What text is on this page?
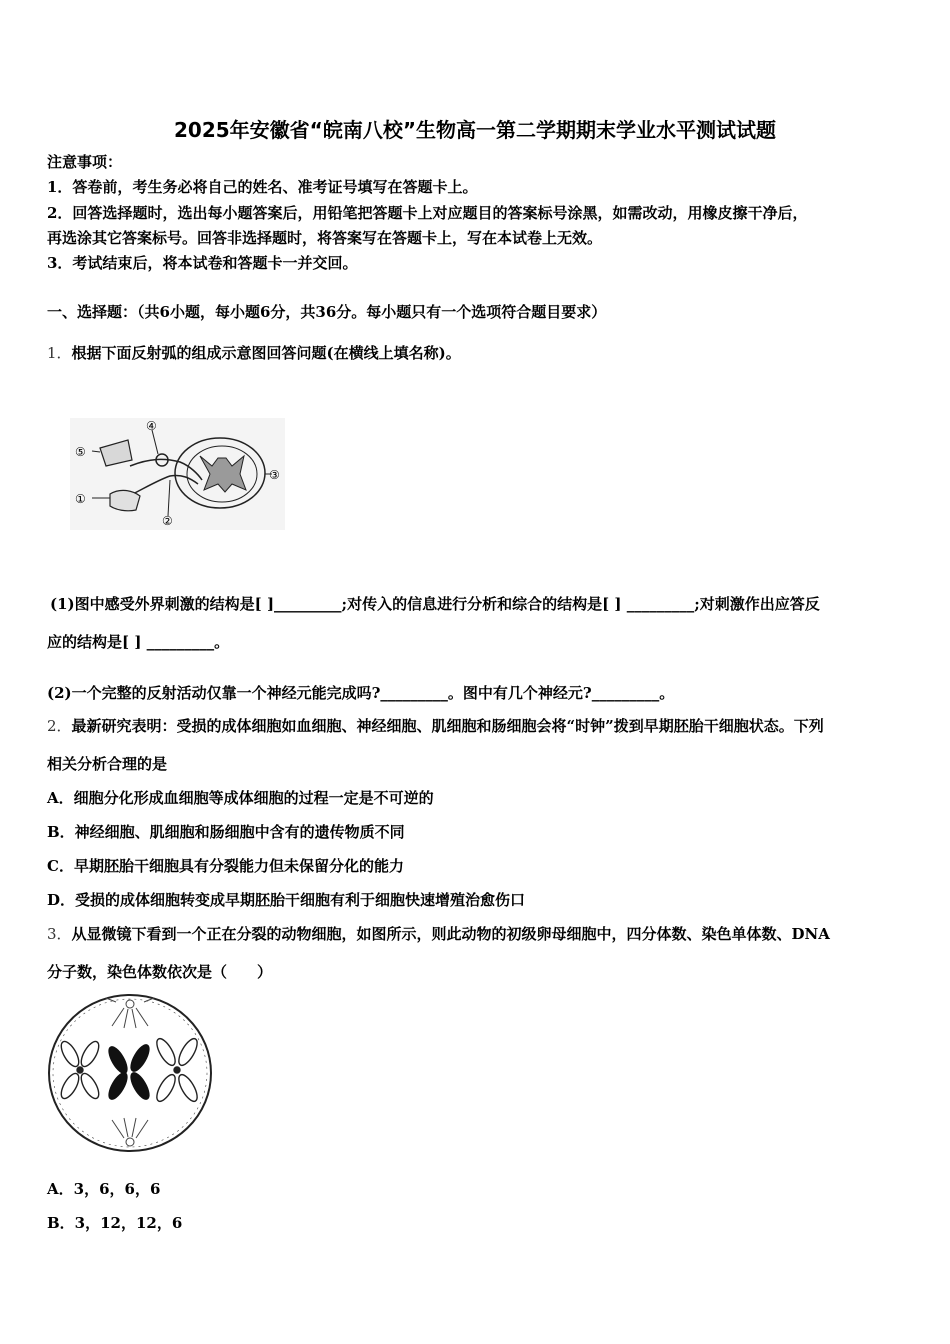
2025年安徽省“皖南八校”生物高一第二学期期末学业水平测试试题
注意事项：
1．答卷前，考生务必将自己的姓名、准考证号填写在答题卡上。
2．回答选择题时，选出每小题答案后，用铅笔把答题卡上对应题目的答案标号涂黑，如需改动，用橡皮擦干净后，
再选涂其它答案标号。回答非选择题时，将答案写在答题卡上，写在本试卷上无效。
3．考试结束后，将本试卷和答题卡一并交回。
一、选择题：（共6小题，每小题6分，共36分。每小题只有一个选项符合题目要求）
1．根据下面反射弧的组成示意图回答问题(在横线上填名称)。
⑤
④
③
①
②
(1)图中感受外界刺激的结构是[ ]_________;对传入的信息进行分析和综合的结构是[ ] _________;对刺激作出应答反
应的结构是[ ] _________。
(2)一个完整的反射活动仅靠一个神经元能完成吗?_________。图中有几个神经元?_________。
2．最新研究表明：受损的成体细胞如血细胞、神经细胞、肌细胞和肠细胞会将“时钟”拨到早期胚胎干细胞状态。下列
相关分析合理的是
A．细胞分化形成血细胞等成体细胞的过程一定是不可逆的
B．神经细胞、肌细胞和肠细胞中含有的遗传物质不同
C．早期胚胎干细胞具有分裂能力但未保留分化的能力
D．受损的成体细胞转变成早期胚胎干细胞有利于细胞快速增殖治愈伤口
3．从显微镜下看到一个正在分裂的动物细胞，如图所示，则此动物的初级卵母细胞中，四分体数、染色单体数、DNA
分子数，染色体数依次是（　　）
A．3，6，6，6
B．3，12，12，6
